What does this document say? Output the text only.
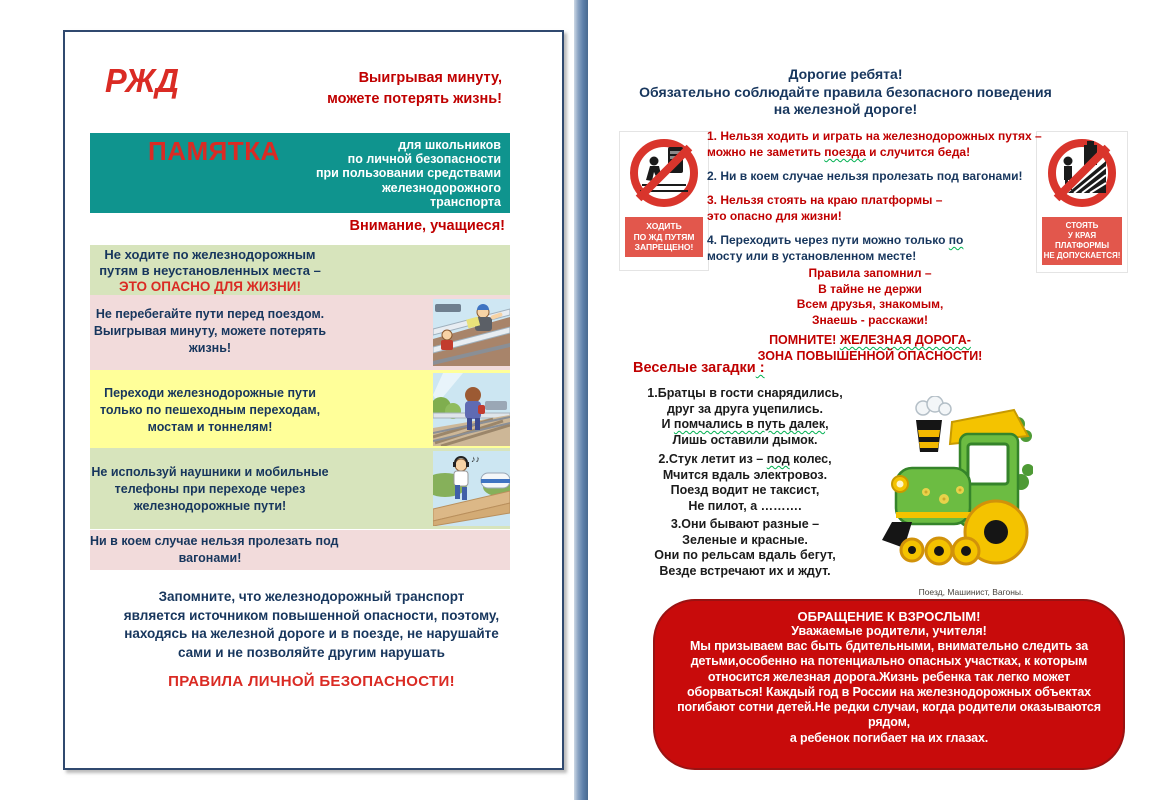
РЖД	Выигрывая минуту,
можете потерять жизнь!
ПАМЯТКА	для школьников
по личной безопасности
при пользовании средствами
железнодорожного
транспорта
Внимание, учащиеся!
Не ходите по железнодорожным
путям в неустановленных места –
ЭТО ОПАСНО ДЛЯ ЖИЗНИ!
Не перебегайте пути перед поездом.
Выигрывая минуту, можете потерять
жизнь!
Переходи железнодорожные пути
только по пешеходным переходам,
мостам и тоннелям!
Не используй наушники и мобильные
телефоны при переходе через
железнодорожные пути!
♪♪
Ни в коем случае нельзя пролезать под
вагонами!
Запомните, что железнодорожный транспорт
является источником повышенной опасности, поэтому,
находясь на железной дороге и в поезде, не нарушайте
сами и не позволяйте другим нарушать
ПРАВИЛА ЛИЧНОЙ БЕЗОПАСНОСТИ!
Дорогие ребята!
Обязательно соблюдайте правила безопасного поведения
на железной дороге!
ХОДИТЬ
ПО ЖД ПУТЯМ
ЗАПРЕЩЕНО!
СТОЯТЬ
У КРАЯ
ПЛАТФОРМЫ
НЕ ДОПУСКАЕТСЯ!
1. Нельзя ходить и играть на железнодорожных путях –
можно не заметить поезда и случится беда!
2. Ни в коем случае нельзя пролезать под вагонами!
3. Нельзя стоять на краю платформы –
это опасно для жизни!
4. Переходить через пути можно только по
мосту или в установленном месте!
Правила запомнил –
В тайне не держи
Всем друзья, знакомым,
Знаешь - расскажи!
ПОМНИТЕ! ЖЕЛЕЗНАЯ ДОРОГА-
ЗОНА ПОВЫШЕННОЙ ОПАСНОСТИ!
Веселые загадки :
1.Братцы в гости снарядились,
друг за друга уцепились.
И помчались в путь далек,
Лишь оставили дымок.
2.Стук летит из – под колес,
Мчится вдаль электровоз.
Поезд водит не таксист,
Не пилот, а ……….
3.Они бывают разные –
Зеленые и красные.
Они по рельсам вдаль бегут,
Везде встречают их и ждут.
Поезд, Машинист, Вагоны.
ОБРАЩЕНИЕ К ВЗРОСЛЫМ!
Уважаемые родители, учителя!
Мы призываем вас быть бдительными, внимательно следить за
детьми,особенно на потенциально опасных участках, к которым
относится железная дорога.Жизнь ребенка так легко может
оборваться! Каждый год в России на железнодорожных объектах
погибают сотни детей.Не редки случаи, когда родители оказываются
рядом,
а ребенок погибает на их глазах.
